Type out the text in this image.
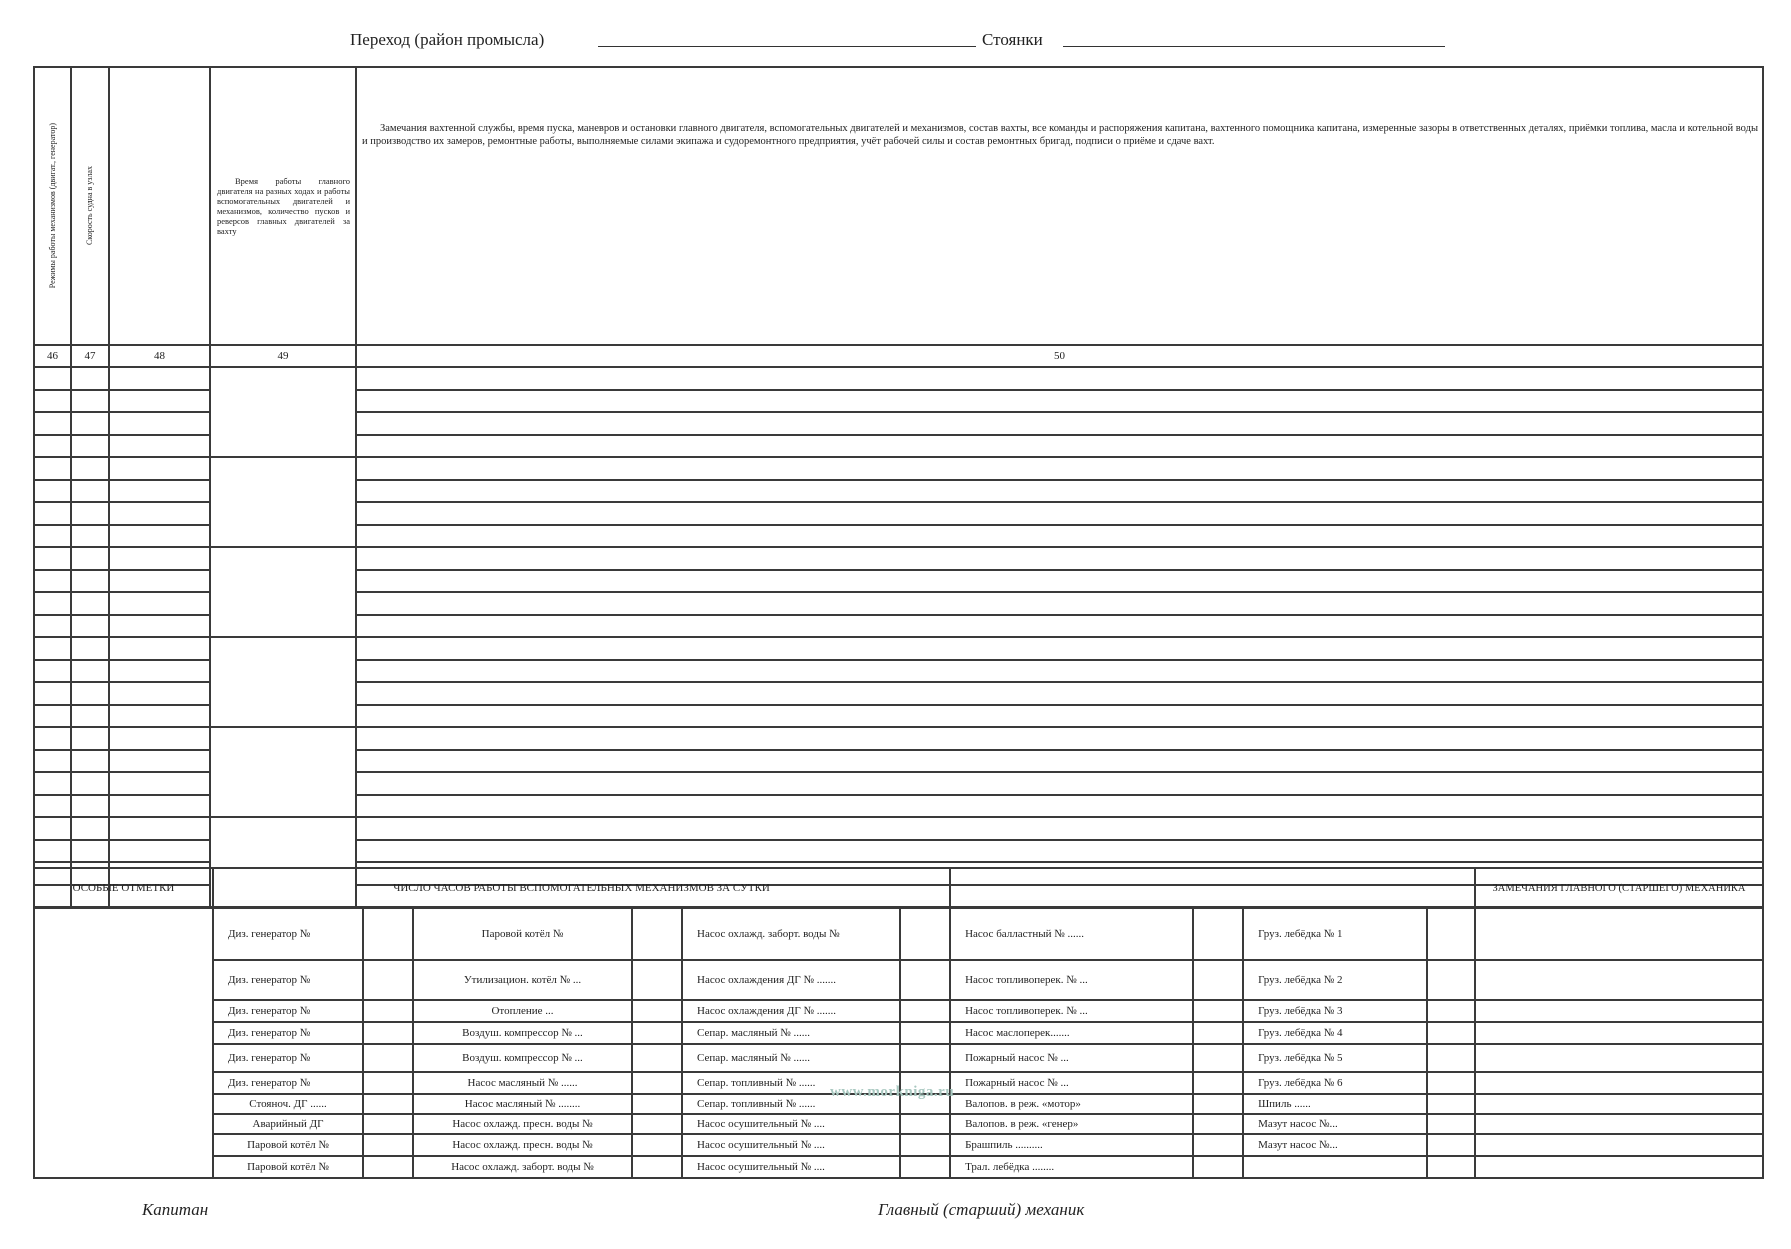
Переход (район промысла)	Стоянки
Режимы работы механизмов (двигат., генератор)	Скорость судна в узлах		Время работы главного двигателя на разных ходах и работы вспомогательных двигателей и механизмов, количество пусков и реверсов главных двигателей за вахту	Замечания вахтенной службы, время пуска, маневров и остановки главного двигателя, вспомогательных двигателей и механизмов, состав вахты, все команды и распоряжения капитана, вахтенного помощника капитана, измеренные зазоры в ответственных деталях, приёмки топлива, масла и котельной воды и производство их замеров, ремонтные работы, выполняемые силами экипажа и судоремонтного предприятия, учёт рабочей силы и состав ремонтных бригад, подписи о приёме и сдаче вахт.
46	47	48	49	50

ОСОБЫЕ ОТМЕТКИ	ЧИСЛО ЧАСОВ РАБОТЫ ВСПОМОГАТЕЛЬНЫХ МЕХАНИЗМОВ ЗА СУТКИ										ЗАМЕЧАНИЯ ГЛАВНОГО (СТАРШЕГО) МЕХАНИКА
	Диз. генератор №		Паровой котёл №		Насос охлажд. заборт. воды №		Насос балластный № ......		Груз. лебёдка № 1		
	Диз. генератор №		Утилизацион. котёл № ...		Насос охлаждения ДГ № .......		Насос топливоперек. № ...		Груз. лебёдка № 2		
	Диз. генератор №		Отопление ...		Насос охлаждения ДГ № .......		Насос топливоперек. № ...		Груз. лебёдка № 3		
	Диз. генератор №		Воздуш. компрессор № ...		Сепар. масляный № ......		Насос маслоперек.......		Груз. лебёдка № 4		
	Диз. генератор №		Воздуш. компрессор № ...		Сепар. масляный № ......		Пожарный насос № ...		Груз. лебёдка № 5		
	Диз. генератор №		Насос масляный № ......		Сепар. топливный № ......		Пожарный насос № ...		Груз. лебёдка № 6		
	Стояноч. ДГ ......		Насос масляный № ........		Сепар. топливный № ......		Валопов. в реж. «мотор»		Шпиль ......		
	Аварийный ДГ		Насос охлажд. пресн. воды №		Насос осушительный № ....		Валопов. в реж. «генер»		Мазут насос №...		
	Паровой котёл №		Насос охлажд. пресн. воды №		Насос осушительный № ....		Брашпиль ..........		Мазут насос №...		
	Паровой котёл №		Насос охлажд. заборт. воды №		Насос осушительный № ....		Трал. лебёдка ........				
www.morkniga.ru
Капитан	Главный (старший) механик
